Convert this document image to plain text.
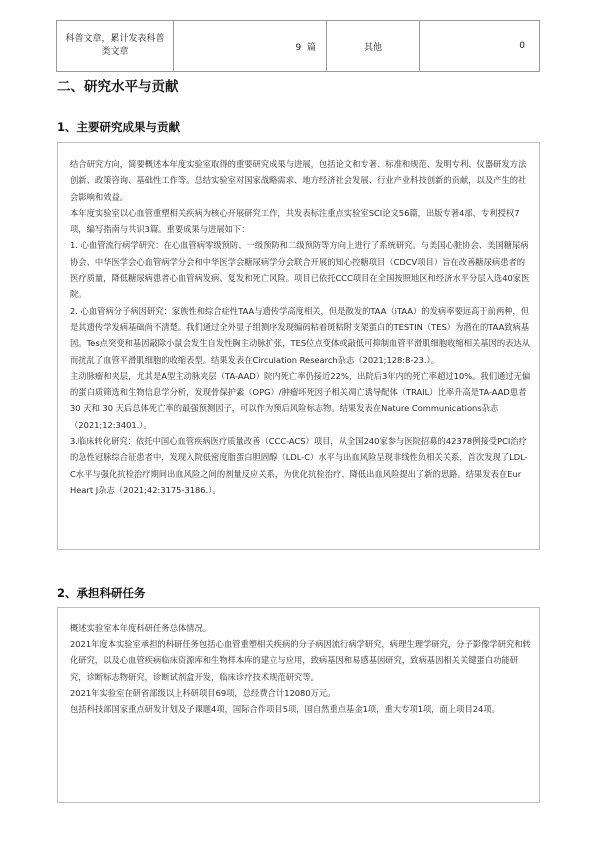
科普文章，累计发表科普类文章	9 篇	其他	0
二、研究水平与贡献
1、主要研究成果与贡献

结合研究方向，简要概述本年度实验室取得的重要研究成果与进展，包括论文和专著、标准和规范、发明专利、仪器研发方法创新、政策咨询、基础性工作等。总结实验室对国家战略需求、地方经济社会发展、行业产业科技创新的贡献，以及产生的社会影响和效益。

本年度实验室以心血管重塑相关疾病为核心开展研究工作，共发表标注重点实验室SCI论文56篇，出版专著4部，专利授权7项，编写指南与共识3篇。重要成果与进展如下：

1. 心血管流行病学研究：在心血管病零级预防、一级预防和二级预防等方向上进行了系统研究。与美国心脏协会、美国糖尿病协会、中华医学会心血管病学分会和中华医学会糖尿病学分会联合开展的知心控糖项目（CDCV项目）旨在改善糖尿病患者的医疗质量，降低糖尿病患者心血管病发病、复发和死亡风险。项目已依托CCC项目在全国按照地区和经济水平分层入选40家医院。

2. 心血管病分子病因研究：家族性和综合症性TAA与遗传学高度相关，但是散发的TAA（iTAA）的发病率要远高于前两种，但是其遗传学发病基础尚不清楚。我们通过全外显子组测序发现编码粘着斑粘附支架蛋白的TESTIN（TES）为潜在的TAA致病基因。Tes点突变和基因敲除小鼠会发生自发性胸主动脉扩张，TES位点变体或敲低可抑制血管平滑肌细胞收缩相关基因的表达从而扰乱了血管平滑肌细胞的收缩表型。结果发表在Circulation Research杂志（2021;128:8-23.）。

主动脉瘤和夹层，尤其是A型主动脉夹层（TA-AAD）院内死亡率仍接近22%，出院后3年内的死亡率超过10%。我们通过无偏的蛋白质筛选和生物信息学分析，发现骨保护素（OPG）/肿瘤坏死因子相关凋亡诱导配体（TRAIL）比率升高是TA-AAD患者 30 天和 30 天后总体死亡率的最强预测因子，可以作为预后风险标志物。结果发表在Nature Communications杂志（2021;12:3401.）。

3.临床转化研究：依托中国心血管疾病医疗质量改善（CCC-ACS）项目，从全国240家参与医院招募的42378例接受PCI治疗的急性冠脉综合征患者中，发现入院低密度脂蛋白胆固醇（LDL-C）水平与出血风险呈现非线性负相关关系，首次发现了LDL-C水平与强化抗栓治疗期间出血风险之间的剂量反应关系，为优化抗栓治疗、降低出血风险提出了新的思路。结果发表在Eur Heart J杂志（2021;42:3175-3186.）。

2、承担科研任务

概述实验室本年度科研任务总体情况。

2021年度本实验室承担的科研任务包括心血管重塑相关疾病的分子病因流行病学研究，病理生理学研究，分子影像学研究和转化研究，以及心血管疾病临床资源库和生物样本库的建立与应用，致病基因和易感基因研究，致病基因相关关键蛋白功能研究，诊断标志物研究，诊断试剂盒开发，临床诊疗技术规范研究等。

2021年实验室在研省部级以上科研项目69项，总经费合计12080万元。

包括科技部国家重点研发计划及子课题4项，国际合作项目5项，国自然重点基金1项，重大专项1项，面上项目24项。
